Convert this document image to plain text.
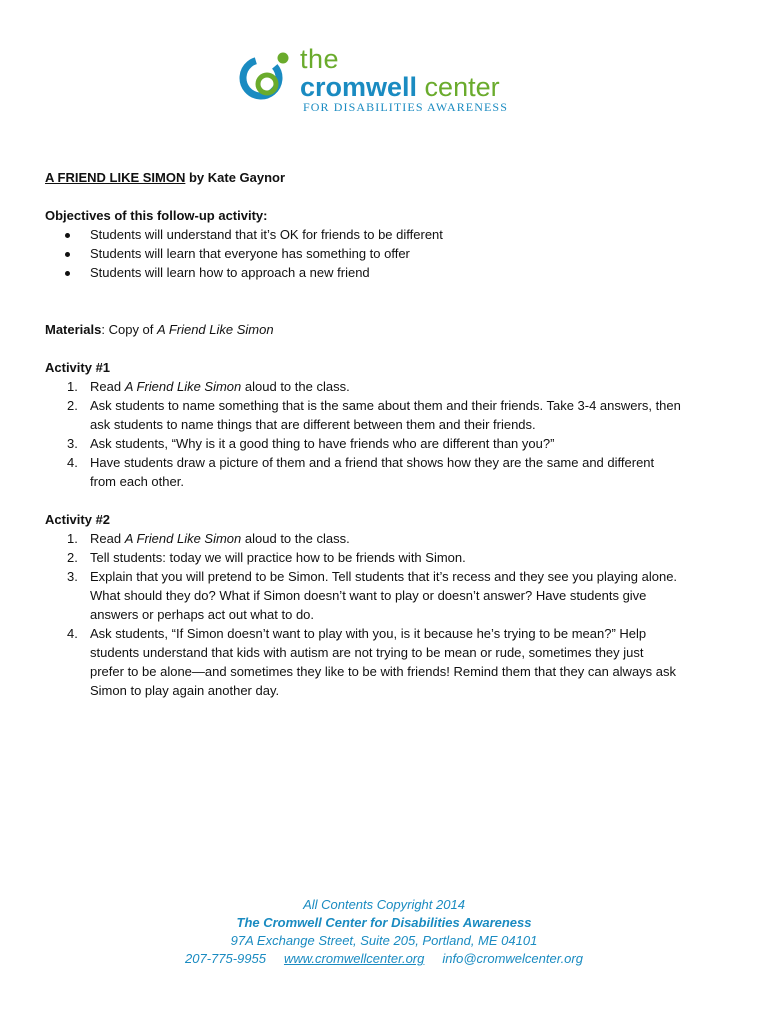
the
cromwell center
FOR DISABILITIES AWARENESS
A FRIEND LIKE SIMON by Kate Gaynor
Objectives of this follow-up activity:
Students will understand that it’s OK for friends to be different
Students will learn that everyone has something to offer
Students will learn how to approach a new friend
Materials: Copy of A Friend Like Simon
Activity #1
1. Read A Friend Like Simon aloud to the class.
2. Ask students to name something that is the same about them and their friends. Take 3-4 answers, then
ask students to name things that are different between them and their friends.
3. Ask students, “Why is it a good thing to have friends who are different than you?”
4. Have students draw a picture of them and a friend that shows how they are the same and different
from each other.
Activity #2
1. Read A Friend Like Simon aloud to the class.
2. Tell students: today we will practice how to be friends with Simon.
3. Explain that you will pretend to be Simon. Tell students that it’s recess and they see you playing alone.
What should they do? What if Simon doesn’t want to play or doesn’t answer? Have students give
answers or perhaps act out what to do.
4. Ask students, “If Simon doesn’t want to play with you, is it because he’s trying to be mean?” Help
students understand that kids with autism are not trying to be mean or rude, sometimes they just
prefer to be alone—and sometimes they like to be with friends! Remind them that they can always ask
Simon to play again another day.
All Contents Copyright 2014
The Cromwell Center for Disabilities Awareness
97A Exchange Street, Suite 205, Portland, ME 04101
207-775-9955 www.cromwellcenter.org info@cromwelcenter.org
